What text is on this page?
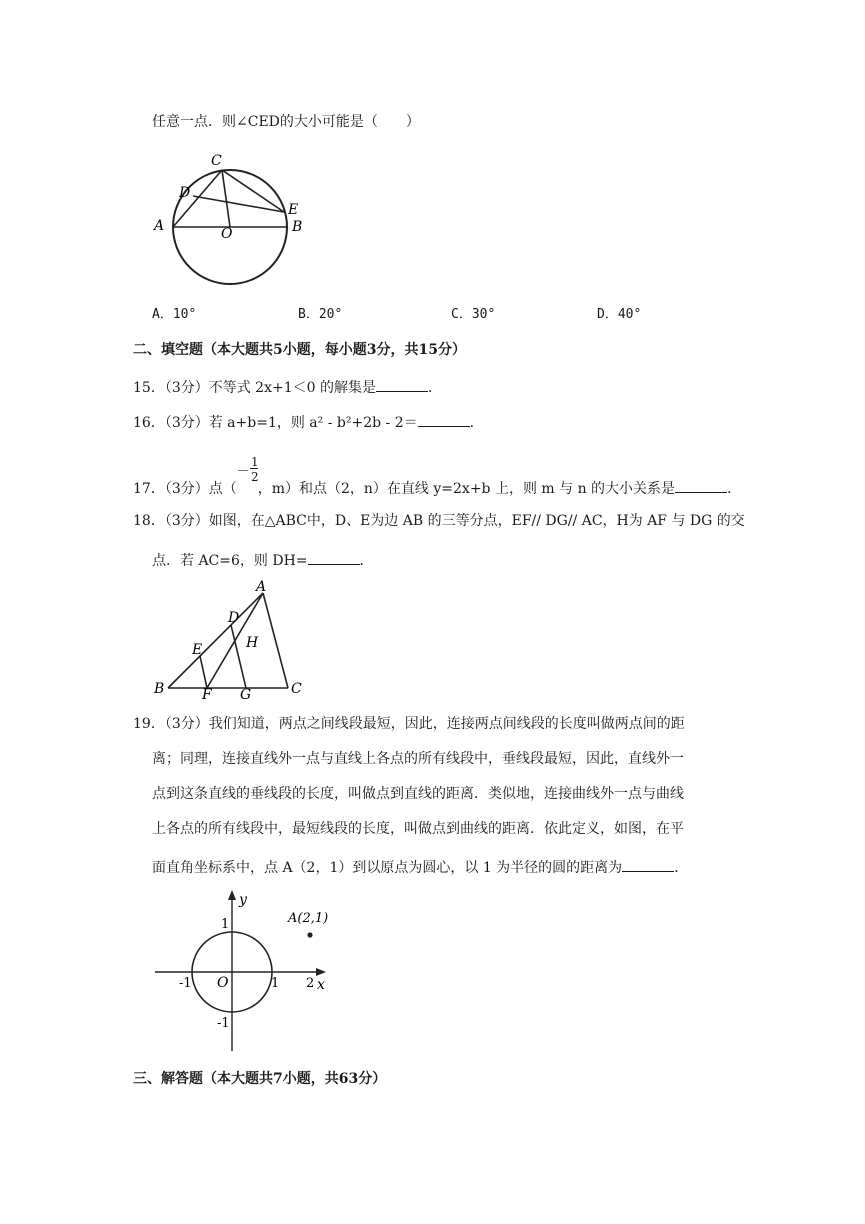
任意一点．则∠CED的大小可能是（　　）
C
D
E
A	O	B
A．10°	B．20°	C．30°	D．40°
二、填空题（本大题共5小题，每小题3分，共15分）
15．（3分）不等式 2x+1＜0 的解集是	．
16．（3分）若 a+b=1，则 a² - b²+2b - 2＝	．
－
1
2
17．（3分）点（ ，m）和点（2，n）在直线 y=2x+b 上，则 m 与 n 的大小关系是	．
18．（3分）如图，在△ABC中，D、E为边 AB 的三等分点，EF// DG// AC，H为 AF 与 DG 的交
点．若 AC=6，则 DH=	．
A
D
H
E
B	F G	C
19．（3分）我们知道，两点之间线段最短，因此，连接两点间线段的长度叫做两点间的距
离；同理，连接直线外一点与直线上各点的所有线段中，垂线段最短，因此，直线外一
点到这条直线的垂线段的长度，叫做点到直线的距离．类似地，连接曲线外一点与曲线
上各点的所有线段中，最短线段的长度，叫做点到曲线的距离．依此定义，如图，在平
面直角坐标系中，点 A（2，1）到以原点为圆心，以 1 为半径的圆的距离为	．
y
x
1	A(2,1)
-1 O	1 2
-1
三、解答题（本大题共7小题，共63分）
